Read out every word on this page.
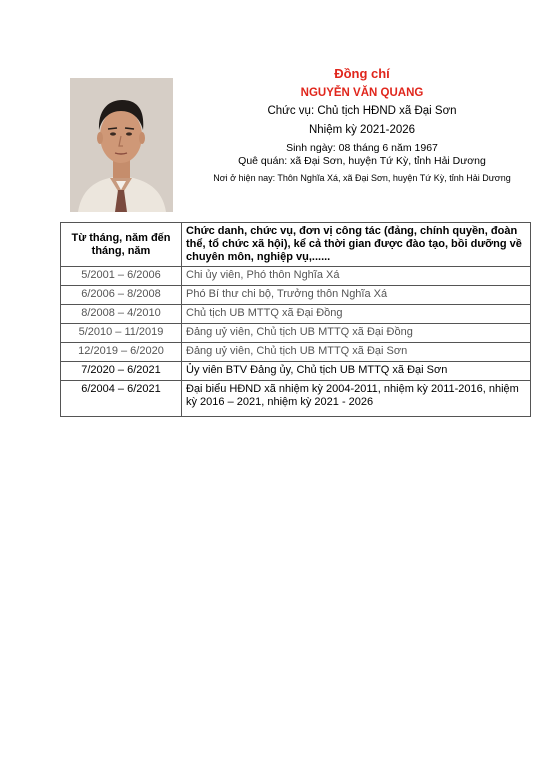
Đồng chí
NGUYỄN VĂN QUANG
Chức vụ: Chủ tịch HĐND xã Đại Sơn
Nhiệm kỳ 2021-2026
Sinh ngày: 08 tháng 6 năm 1967
Quê quán: xã Đại Sơn, huyện Tứ Kỳ, tỉnh Hải Dương
Nơi ở hiện nay: Thôn Nghĩa Xá, xã Đại Sơn, huyện Tứ Kỳ, tỉnh Hải Dương
Từ tháng, năm đến tháng, năm	Chức danh, chức vụ, đơn vị công tác (đảng, chính quyền, đoàn thể, tổ chức xã hội), kể cả thời gian được đào tạo, bồi dưỡng về chuyên môn, nghiệp vụ,......
5/2001 – 6/2006	Chi ủy viên, Phó thôn Nghĩa Xá
6/2006 – 8/2008	Phó Bí thư chi bộ, Trưởng thôn Nghĩa Xá
8/2008 – 4/2010	Chủ tịch UB MTTQ xã Đại Đồng
5/2010 – 11/2019	Đảng uỷ viên, Chủ tịch UB MTTQ xã Đại Đồng
12/2019 – 6/2020	Đảng uỷ viên, Chủ tịch UB MTTQ xã Đại Sơn
7/2020 – 6/2021	Ủy viên BTV Đảng ủy, Chủ tịch UB MTTQ xã Đại Sơn
6/2004 – 6/2021	Đại biểu HĐND xã nhiệm kỳ 2004-2011, nhiệm kỳ 2011-2016, nhiệm kỳ 2016 – 2021, nhiệm kỳ 2021 - 2026
